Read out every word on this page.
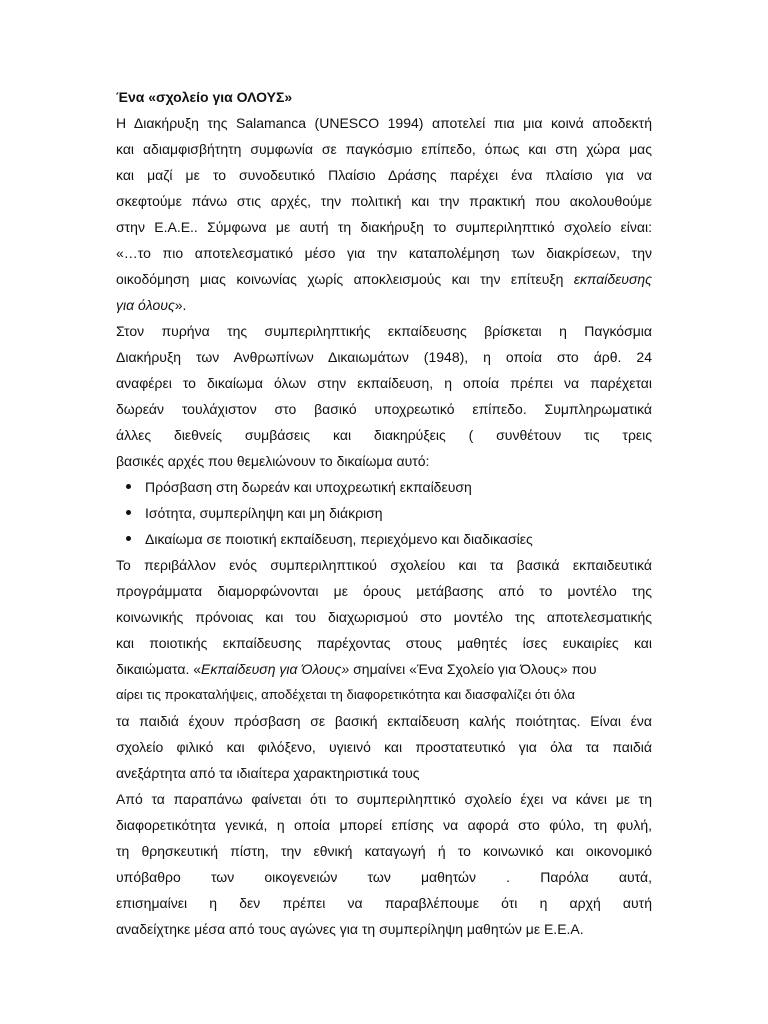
Ένα «σχολείο για ΟΛΟΥΣ»
Η Διακήρυξη της Salamanca (UNESCO 1994) αποτελεί πια μια κοινά αποδεκτή
και αδιαμφισβήτητη συμφωνία σε παγκόσμιο επίπεδο, όπως και στη χώρα μας
και μαζί με το συνοδευτικό Πλαίσιο Δράσης παρέχει ένα πλαίσιο για να
σκεφτούμε πάνω στις αρχές, την πολιτική και την πρακτική που ακολουθούμε
στην Ε.Α.Ε.. Σύμφωνα με αυτή τη διακήρυξη το συμπεριληπτικό σχολείο είναι:
«…το πιο αποτελεσματικό μέσο για την καταπολέμηση των διακρίσεων, την
οικοδόμηση μιας κοινωνίας χωρίς αποκλεισμούς και την επίτευξη εκπαίδευσης
για όλους».
Στον πυρήνα της συμπεριληπτικής εκπαίδευσης βρίσκεται η Παγκόσμια
Διακήρυξη των Ανθρωπίνων Δικαιωμάτων (1948), η οποία στο άρθ. 24
αναφέρει το δικαίωμα όλων στην εκπαίδευση, η οποία πρέπει να παρέχεται
δωρεάν τουλάχιστον στο βασικό υποχρεωτικό επίπεδο. Συμπληρωματικά
άλλες διεθνείς συμβάσεις και διακηρύξεις ( συνθέτουν τις τρεις
βασικές αρχές που θεμελιώνουν το δικαίωμα αυτό:
Πρόσβαση στη δωρεάν και υποχρεωτική εκπαίδευση
Ισότητα, συμπερίληψη και μη διάκριση
Δικαίωμα σε ποιοτική εκπαίδευση, περιεχόμενο και διαδικασίες
Το περιβάλλον ενός συμπεριληπτικού σχολείου και τα βασικά εκπαιδευτικά
προγράμματα διαμορφώνονται με όρους μετάβασης από το μοντέλο της
κοινωνικής πρόνοιας και του διαχωρισμού στο μοντέλο της αποτελεσματικής
και ποιοτικής εκπαίδευσης παρέχοντας στους μαθητές ίσες ευκαιρίες και
δικαιώματα. «Εκπαίδευση για Όλους» σημαίνει «Ένα Σχολείο για Όλους» που
αίρει τις προκαταλήψεις, αποδέχεται τη διαφορετικότητα και διασφαλίζει ότι όλα
τα παιδιά έχουν πρόσβαση σε βασική εκπαίδευση καλής ποιότητας. Είναι ένα
σχολείο φιλικό και φιλόξενο, υγιεινό και προστατευτικό για όλα τα παιδιά
ανεξάρτητα από τα ιδιαίτερα χαρακτηριστικά τους
Από τα παραπάνω φαίνεται ότι το συμπεριληπτικό σχολείο έχει να κάνει με τη
διαφορετικότητα γενικά, η οποία μπορεί επίσης να αφορά στο φύλο, τη φυλή,
τη θρησκευτική πίστη, την εθνική καταγωγή ή το κοινωνικό και οικονομικό
υπόβαθρο των οικογενειών των μαθητών . Παρόλα αυτά,
επισημαίνει η δεν πρέπει να παραβλέπουμε ότι η αρχή αυτή
αναδείχτηκε μέσα από τους αγώνες για τη συμπερίληψη μαθητών με Ε.Ε.Α.
